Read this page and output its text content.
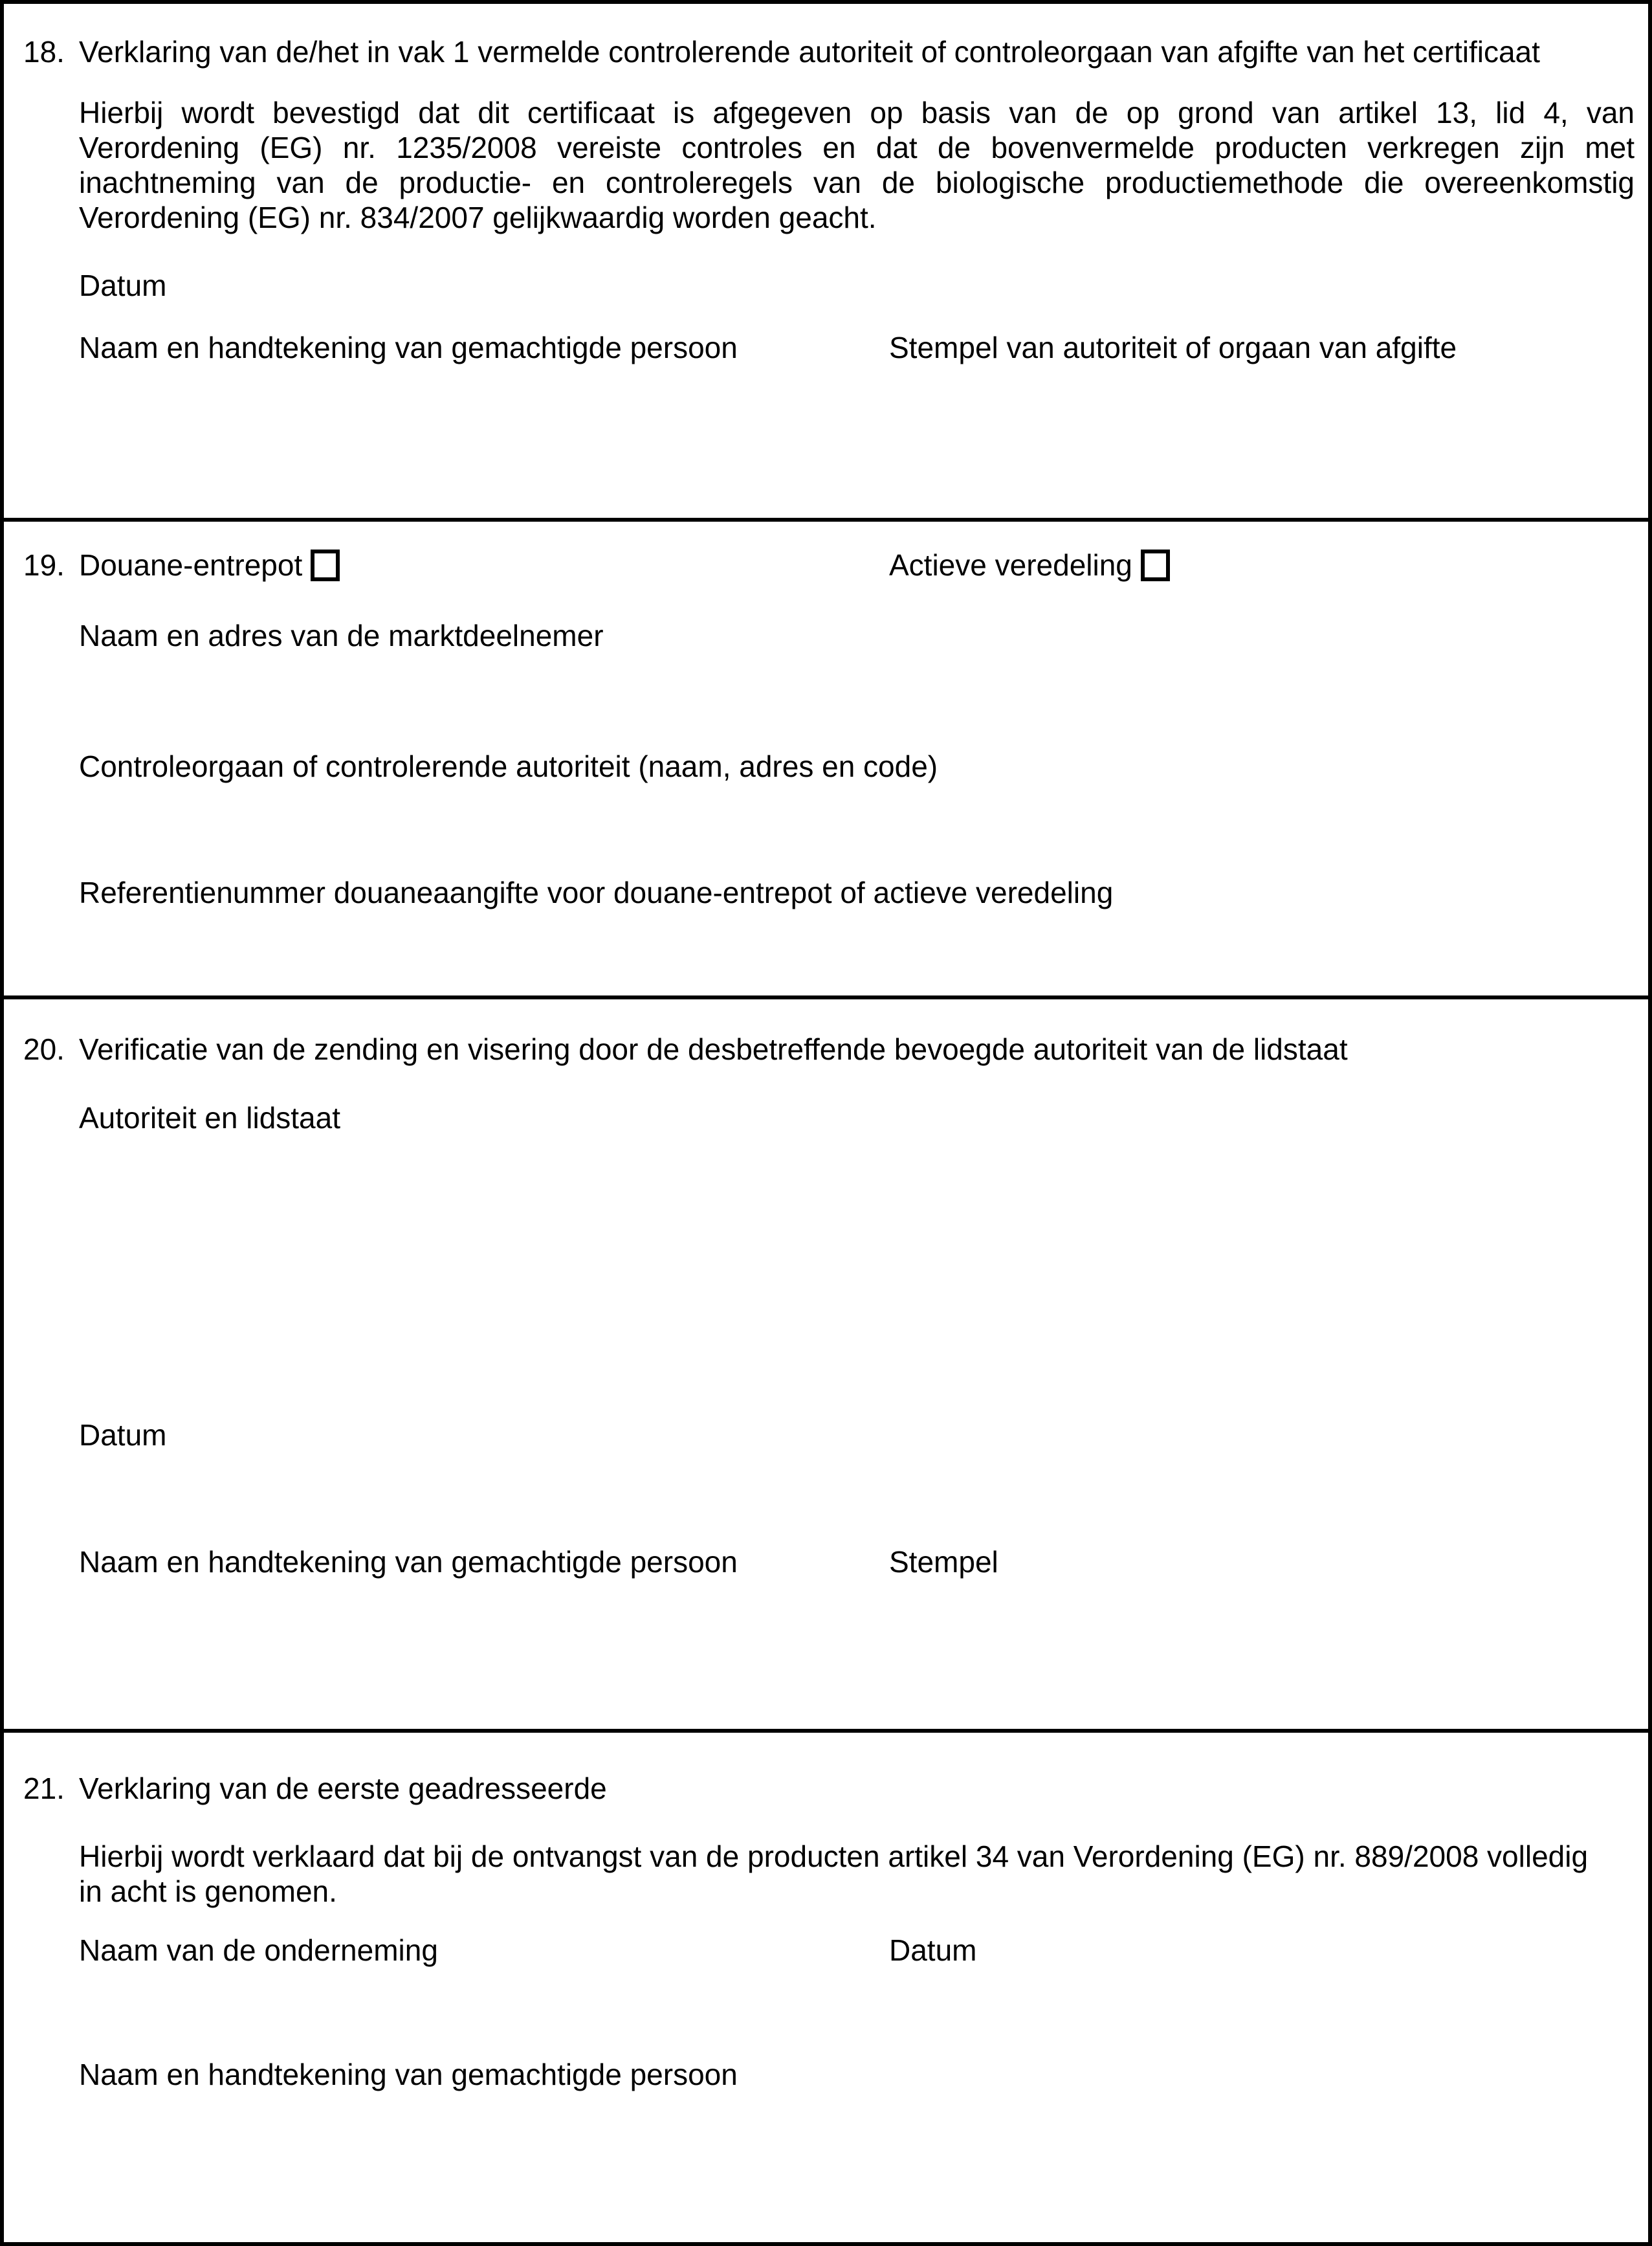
18. Verklaring van de/het in vak 1 vermelde controlerende autoriteit of controleorgaan van afgifte van het certificaat
Hierbij wordt bevestigd dat dit certificaat is afgegeven op basis van de op grond van artikel 13, lid 4, van
Verordening (EG) nr. 1235/2008 vereiste controles en dat de bovenvermelde producten verkregen zijn met
inachtneming van de productie- en controleregels van de biologische productiemethode die overeenkomstig
Verordening (EG) nr. 834/2007 gelijkwaardig worden geacht.
Datum
Naam en handtekening van gemachtigde persoon	Stempel van autoriteit of orgaan van afgifte
19. Douane-entrepot	Actieve veredeling
Naam en adres van de marktdeelnemer
Controleorgaan of controlerende autoriteit (naam, adres en code)
Referentienummer douaneaangifte voor douane-entrepot of actieve veredeling
20. Verificatie van de zending en visering door de desbetreffende bevoegde autoriteit van de lidstaat
Autoriteit en lidstaat
Datum
Naam en handtekening van gemachtigde persoon	Stempel
21. Verklaring van de eerste geadresseerde
Hierbij wordt verklaard dat bij de ontvangst van de producten artikel 34 van Verordening (EG) nr. 889/2008 volledig
in acht is genomen.
Naam van de onderneming	Datum
Naam en handtekening van gemachtigde persoon
